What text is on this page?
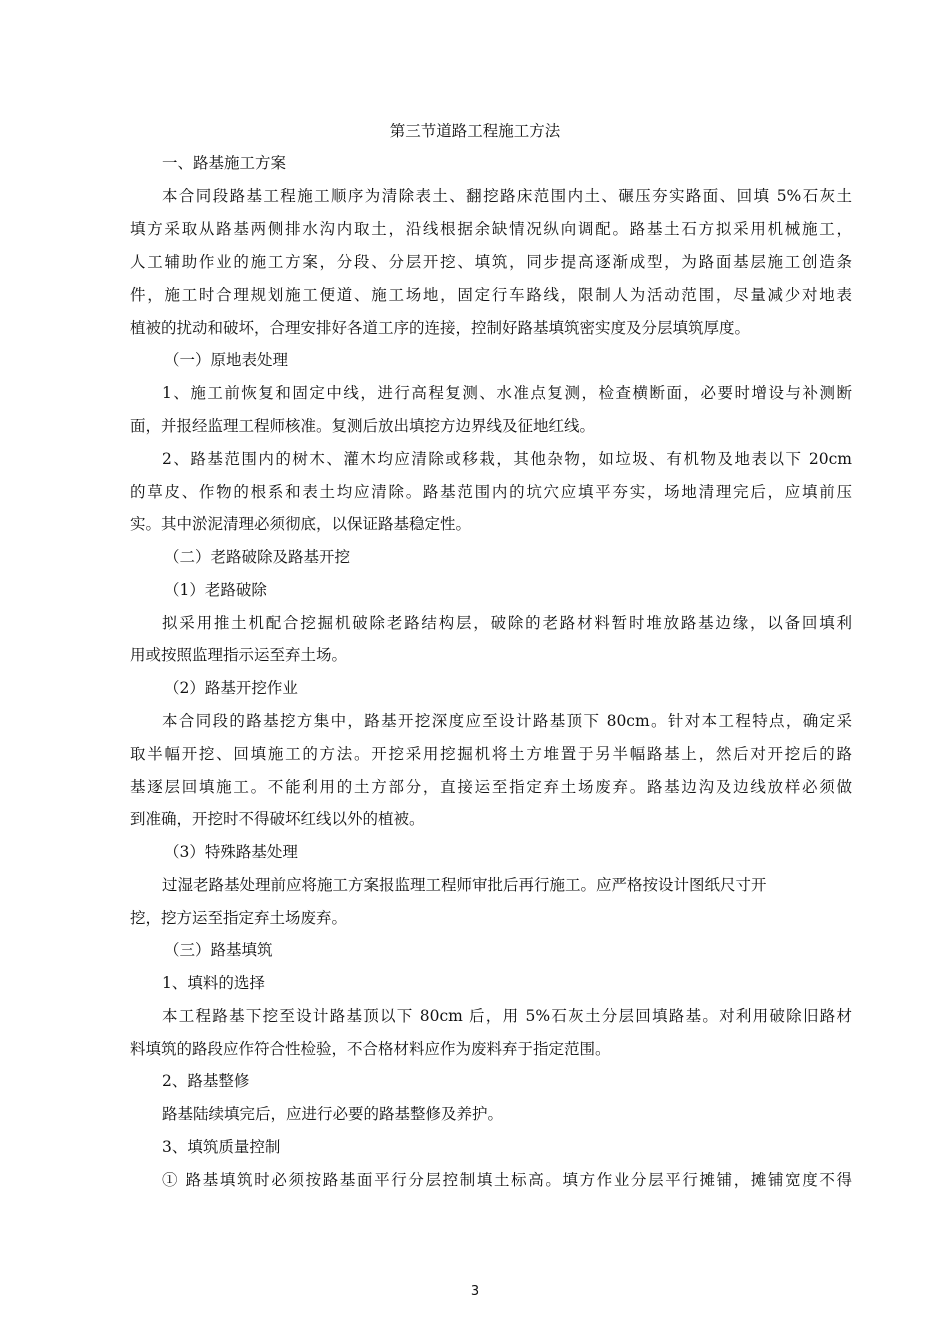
第三节道路工程施工方法
一、路基施工方案
本合同段路基工程施工顺序为清除表土、翻挖路床范围内土、碾压夯实路面、回填 5%石灰土
填方采取从路基两侧排水沟内取土，沿线根据余缺情况纵向调配。路基土石方拟采用机械施工，
人工辅助作业的施工方案，分段、分层开挖、填筑，同步提高逐渐成型，为路面基层施工创造条
件，施工时合理规划施工便道、施工场地，固定行车路线，限制人为活动范围，尽量减少对地表
植被的扰动和破坏，合理安排好各道工序的连接，控制好路基填筑密实度及分层填筑厚度。
（一）原地表处理
1、施工前恢复和固定中线，进行高程复测、水准点复测，检查横断面，必要时增设与补测断
面，并报经监理工程师核准。复测后放出填挖方边界线及征地红线。
2、路基范围内的树木、灌木均应清除或移栽，其他杂物，如垃圾、有机物及地表以下 20cm
的草皮、作物的根系和表土均应清除。路基范围内的坑穴应填平夯实，场地清理完后，应填前压
实。其中淤泥清理必须彻底，以保证路基稳定性。
（二）老路破除及路基开挖
（1）老路破除
拟采用推土机配合挖掘机破除老路结构层，破除的老路材料暂时堆放路基边缘，以备回填利
用或按照监理指示运至弃土场。
（2）路基开挖作业
本合同段的路基挖方集中，路基开挖深度应至设计路基顶下 80cm。针对本工程特点，确定采
取半幅开挖、回填施工的方法。开挖采用挖掘机将土方堆置于另半幅路基上，然后对开挖后的路
基逐层回填施工。不能利用的土方部分，直接运至指定弃土场废弃。路基边沟及边线放样必须做
到准确，开挖时不得破坏红线以外的植被。
（3）特殊路基处理
过湿老路基处理前应将施工方案报监理工程师审批后再行施工。应严格按设计图纸尺寸开
挖，挖方运至指定弃土场废弃。
（三）路基填筑
1、填料的选择
本工程路基下挖至设计路基顶以下 80cm 后，用 5%石灰土分层回填路基。对利用破除旧路材
料填筑的路段应作符合性检验，不合格材料应作为废料弃于指定范围。
2、路基整修
路基陆续填完后，应进行必要的路基整修及养护。
3、填筑质量控制
① 路基填筑时必须按路基面平行分层控制填土标高。填方作业分层平行摊铺，摊铺宽度不得
3
